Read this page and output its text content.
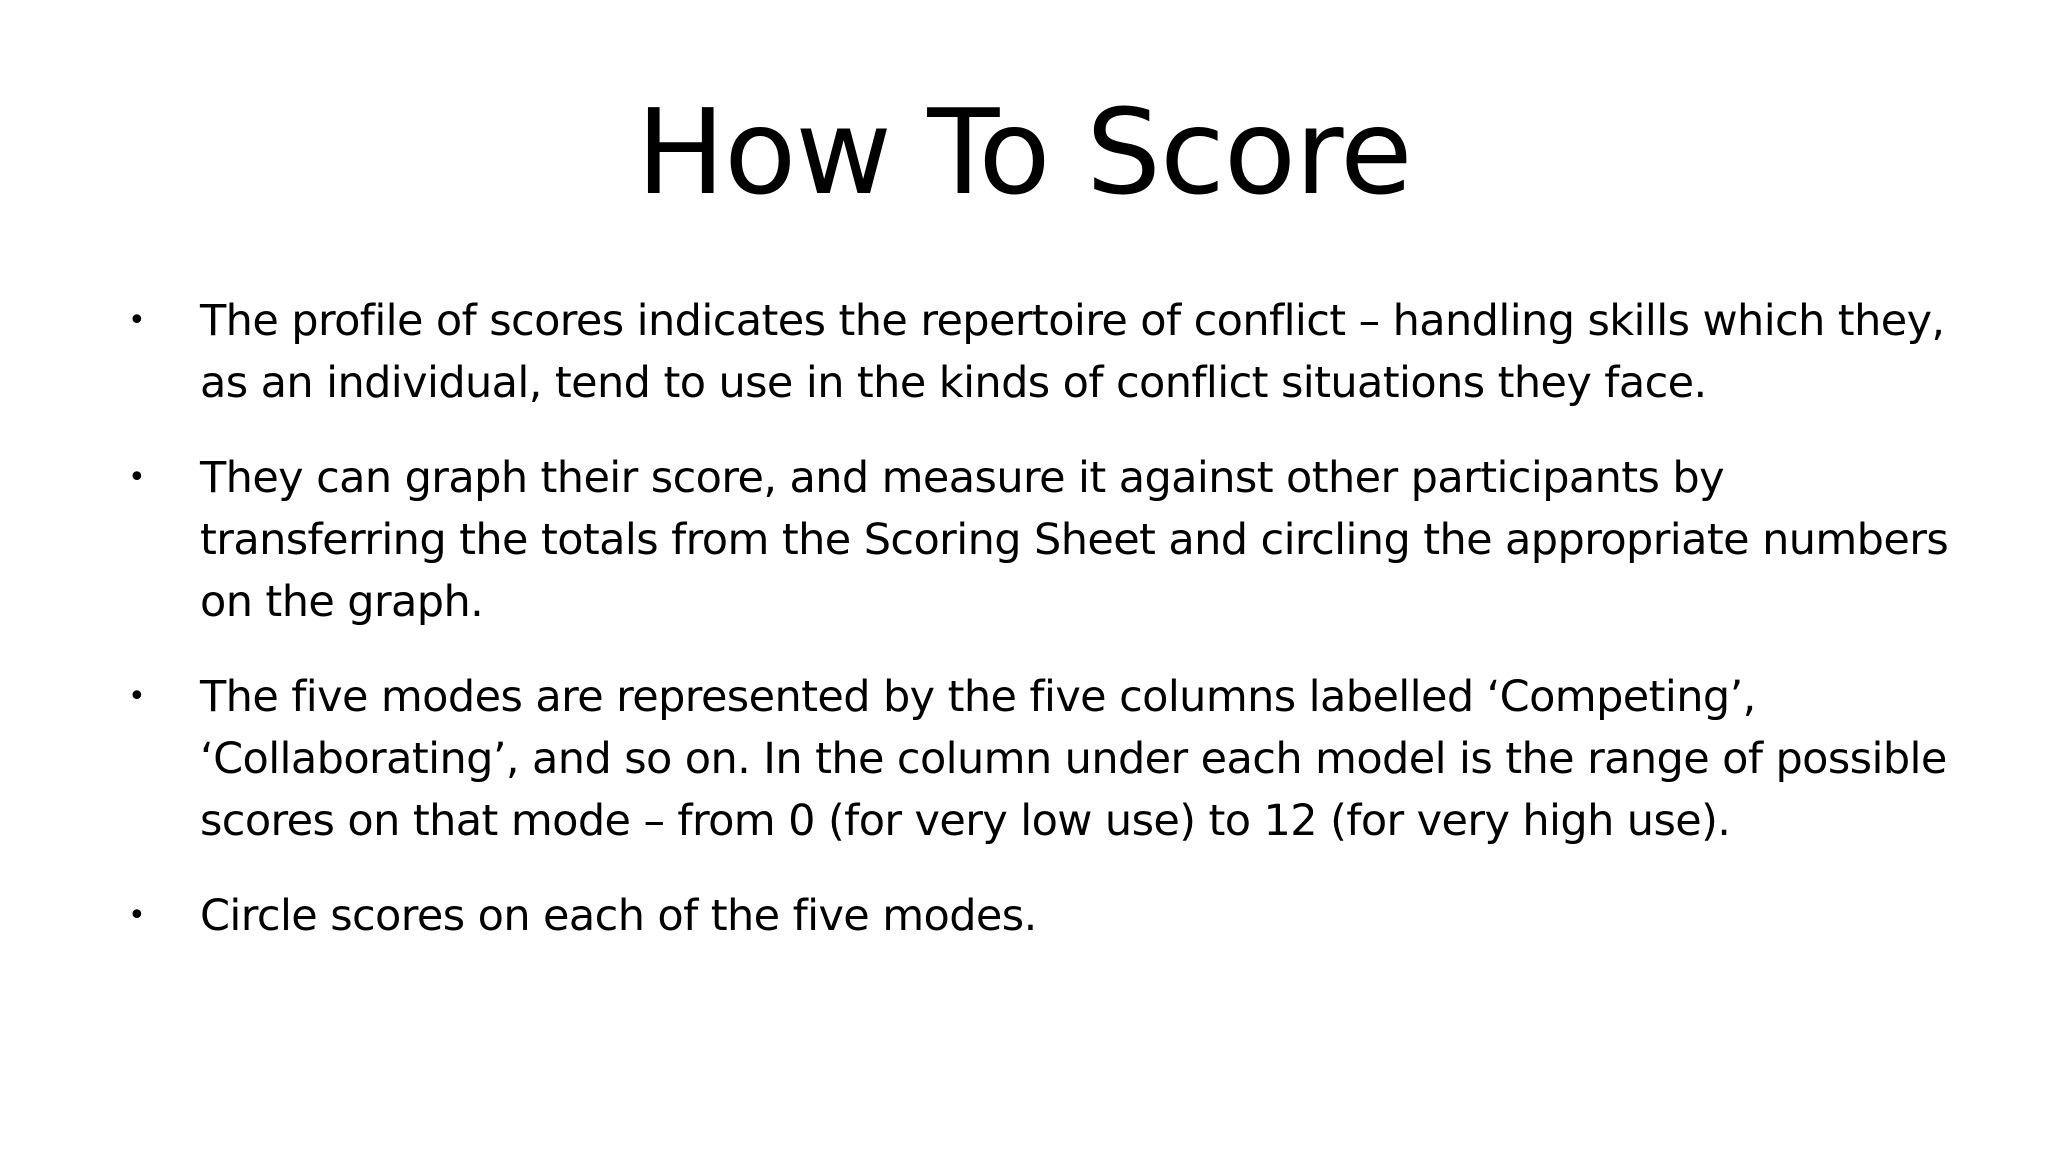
How To Score
• The profile of scores indicates the repertoire of conflict – handling skills which they, as an individual, tend to use in the kinds of conflict situations they face.
• They can graph their score, and measure it against other participants by transferring the totals from the Scoring Sheet and circling the appropriate numbers on the graph.
• The five modes are represented by the five columns labelled ‘Competing’, ‘Collaborating’, and so on. In the column under each model is the range of possible scores on that mode – from 0 (for very low use) to 12 (for very high use).
• Circle scores on each of the five modes.
